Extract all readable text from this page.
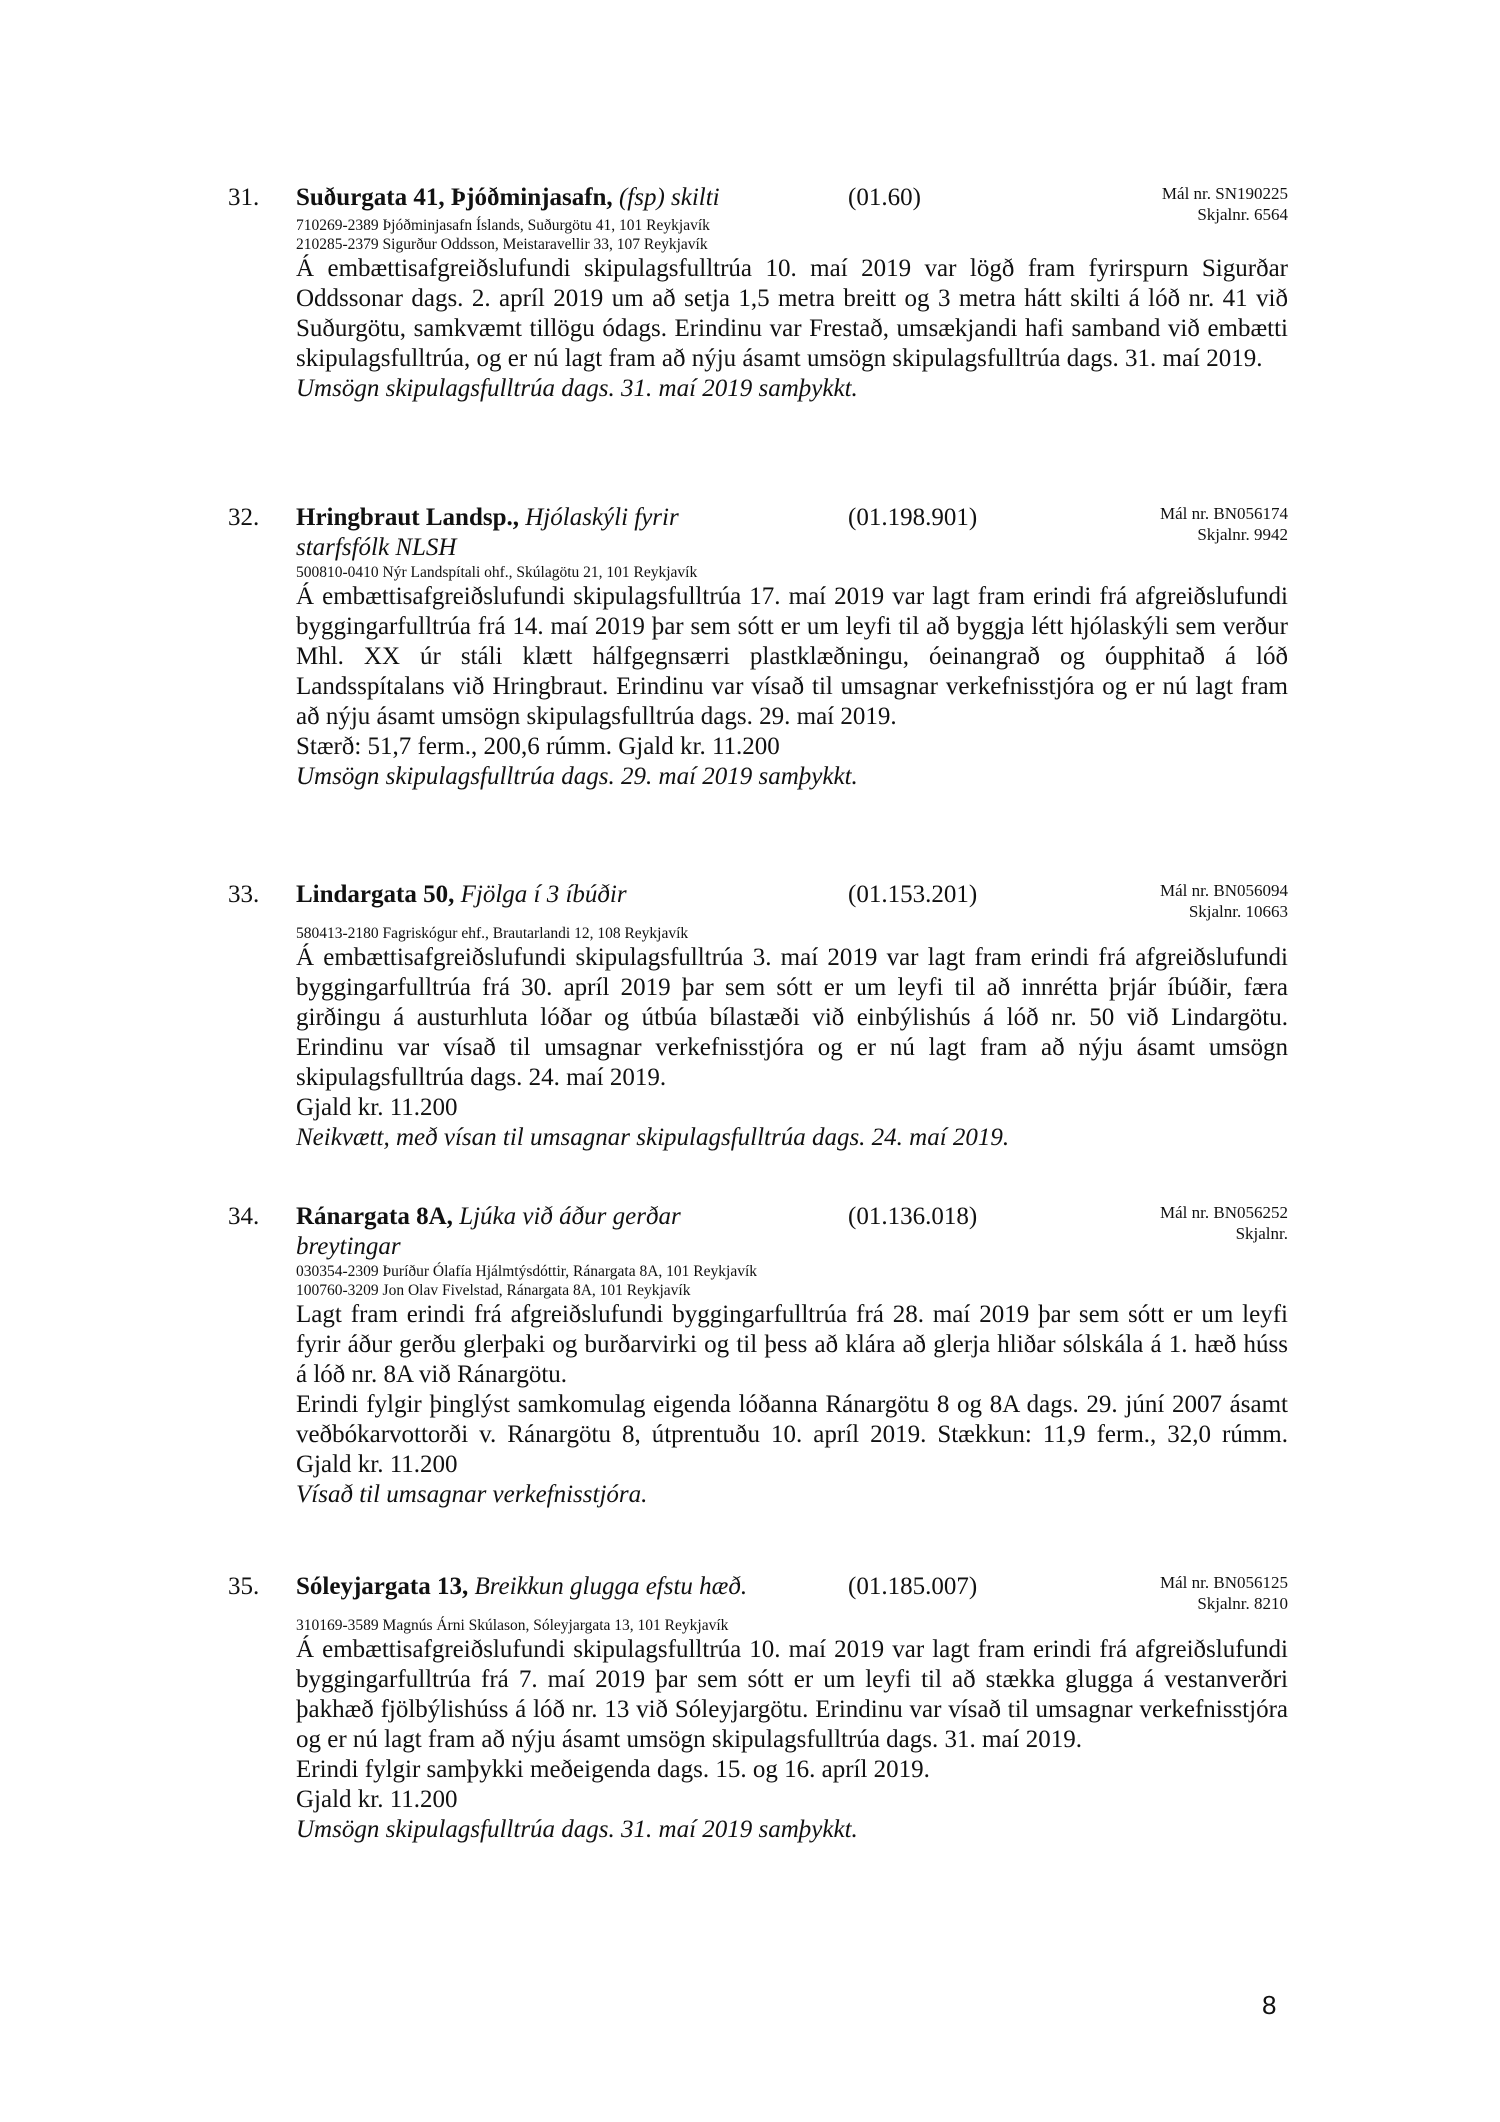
31. Suðurgata 41, Þjóðminjasafn, (fsp) skilti	(01.60)	Mál nr. SN190225
Skjalnr. 6564
710269-2389 Þjóðminjasafn Íslands, Suðurgötu 41, 101 Reykjavík
210285-2379 Sigurður Oddsson, Meistaravellir 33, 107 Reykjavík

Á embættisafgreiðslufundi skipulagsfulltrúa 10. maí 2019 var lögð fram fyrirspurn Sigurðar Oddssonar dags. 2. apríl 2019 um að setja 1,5 metra breitt og 3 metra hátt skilti á lóð nr. 41 við Suðurgötu, samkvæmt tillögu ódags. Erindinu var Frestað, umsækjandi hafi samband við embætti skipulagsfulltrúa, og er nú lagt fram að nýju ásamt umsögn skipulagsfulltrúa dags. 31. maí 2019.

Umsögn skipulagsfulltrúa dags. 31. maí 2019 samþykkt.

32. Hringbraut Landsp., Hjólaskýli fyrir starfsfólk NLSH
(01.198.901)	Mál nr. BN056174
Skjalnr. 9942
500810-0410 Nýr Landspítali ohf., Skúlagötu 21, 101 Reykjavík

Á embættisafgreiðslufundi skipulagsfulltrúa 17. maí 2019 var lagt fram erindi frá afgreiðslufundi byggingarfulltrúa frá 14. maí 2019 þar sem sótt er um leyfi til að byggja létt hjólaskýli sem verður Mhl. XX úr stáli klætt hálfgegnsærri plastklæðningu, óeinangrað og óupphitað á lóð Landsspítalans við Hringbraut. Erindinu var vísað til umsagnar verkefnisstjóra og er nú lagt fram að nýju ásamt umsögn skipulagsfulltrúa dags. 29. maí 2019.

Stærð: 51,7 ferm., 200,6 rúmm. Gjald kr. 11.200

Umsögn skipulagsfulltrúa dags. 29. maí 2019 samþykkt.

33. Lindargata 50, Fjölga í 3 íbúðir	(01.153.201)	Mál nr. BN056094
Skjalnr. 10663
580413-2180 Fagriskógur ehf., Brautarlandi 12, 108 Reykjavík

Á embættisafgreiðslufundi skipulagsfulltrúa 3. maí 2019 var lagt fram erindi frá afgreiðslufundi byggingarfulltrúa frá 30. apríl 2019 þar sem sótt er um leyfi til að innrétta þrjár íbúðir, færa girðingu á austurhluta lóðar og útbúa bílastæði við einbýlishús á lóð nr. 50 við Lindargötu. Erindinu var vísað til umsagnar verkefnisstjóra og er nú lagt fram að nýju ásamt umsögn skipulagsfulltrúa dags. 24. maí 2019.

Gjald kr. 11.200

Neikvætt, með vísan til umsagnar skipulagsfulltrúa dags. 24. maí 2019.

34. Ránargata 8A, Ljúka við áður gerðar breytingar
(01.136.018)	Mál nr. BN056252
Skjalnr.
030354-2309 Þuríður Ólafía Hjálmtýsdóttir, Ránargata 8A, 101 Reykjavík
100760-3209 Jon Olav Fivelstad, Ránargata 8A, 101 Reykjavík

Lagt fram erindi frá afgreiðslufundi byggingarfulltrúa frá 28. maí 2019 þar sem sótt er um leyfi fyrir áður gerðu glerþaki og burðarvirki og til þess að klára að glerja hliðar sólskála á 1. hæð húss á lóð nr. 8A við Ránargötu.

Erindi fylgir þinglýst samkomulag eigenda lóðanna Ránargötu 8 og 8A dags. 29. júní 2007 ásamt veðbókarvottorði v. Ránargötu 8, útprentuðu 10. apríl 2019. Stækkun: 11,9 ferm., 32,0 rúmm. Gjald kr. 11.200

Vísað til umsagnar verkefnisstjóra.

35. Sóleyjargata 13, Breikkun glugga efstu hæð.	(01.185.007)	Mál nr. BN056125
Skjalnr. 8210
310169-3589 Magnús Árni Skúlason, Sóleyjargata 13, 101 Reykjavík

Á embættisafgreiðslufundi skipulagsfulltrúa 10. maí 2019 var lagt fram erindi frá afgreiðslufundi byggingarfulltrúa frá 7. maí 2019 þar sem sótt er um leyfi til að stækka glugga á vestanverðri þakhæð fjölbýlishúss á lóð nr. 13 við Sóleyjargötu. Erindinu var vísað til umsagnar verkefnisstjóra og er nú lagt fram að nýju ásamt umsögn skipulagsfulltrúa dags. 31. maí 2019.

Erindi fylgir samþykki meðeigenda dags. 15. og 16. apríl 2019.

Gjald kr. 11.200

Umsögn skipulagsfulltrúa dags. 31. maí 2019 samþykkt.

8
